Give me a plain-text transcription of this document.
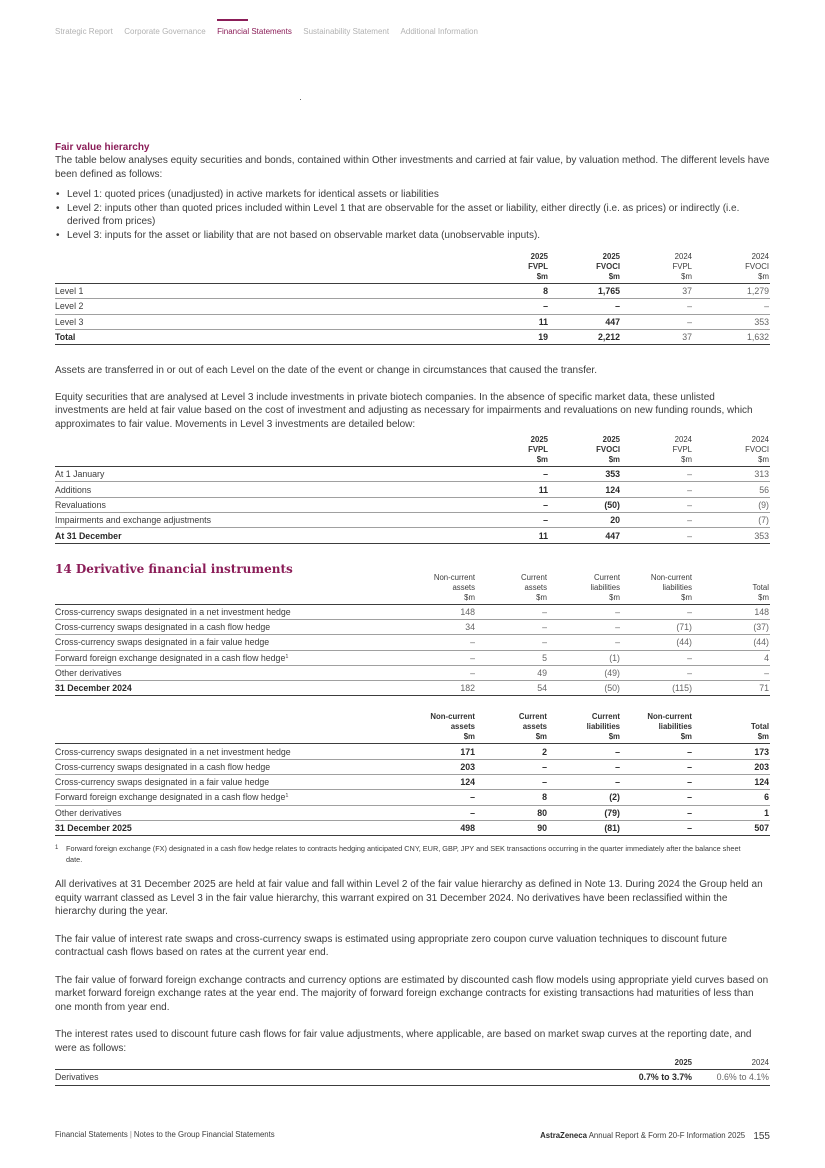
Strategic Report Corporate Governance Financial Statements Sustainability Statement Additional Information
Fair value hierarchy

The table below analyses equity securities and bonds, contained within Other investments and carried at fair value, by valuation method. The different levels have been defined as follows:

• Level 1: quoted prices (unadjusted) in active markets for identical assets or liabilities
• Level 2: inputs other than quoted prices included within Level 1 that are observable for the asset or liability, either directly (i.e. as prices) or indirectly (i.e. derived from prices)
• Level 3: inputs for the asset or liability that are not based on observable market data (unobservable inputs).
	2025
FVPL
$m	2025
FVOCI
$m	2024
FVPL
$m	2024
FVOCI
$m
Level 1	8	1,765	37	1,279
Level 2	–	–	–	–
Level 3	11	447	–	353
Total	19	2,212	37	1,632

Assets are transferred in or out of each Level on the date of the event or change in circumstances that caused the transfer.

Equity securities that are analysed at Level 3 include investments in private biotech companies. In the absence of specific market data, these unlisted investments are held at fair value based on the cost of investment and adjusting as necessary for impairments and revaluations on new funding rounds, which approximates to fair value. Movements in Level 3 investments are detailed below:

	2025
FVPL
$m	2025
FVOCI
$m	2024
FVPL
$m	2024
FVOCI
$m
At 1 January	–	353	–	313
Additions	11	124	–	56
Revaluations	–	(50)	–	(9)
Impairments and exchange adjustments	–	20	–	(7)
At 31 December	11	447	–	353
14 Derivative financial instruments
	Non-current
assets
$m	Current
assets
$m	Current
liabilities
$m	Non-current
liabilities
$m	Total
$m
Cross-currency swaps designated in a net investment hedge	148	–	–	–	148
Cross-currency swaps designated in a cash flow hedge	34	–	–	(71)	(37)
Cross-currency swaps designated in a fair value hedge	–	–	–	(44)	(44)
Forward foreign exchange designated in a cash flow hedge$^1$	–	5	(1)	–	4
Other derivatives	–	49	(49)	–	–
31 December 2024	182	54	(50)	(115)	71
	Non-current
assets
$m	Current
assets
$m	Current
liabilities
$m	Non-current
liabilities
$m	Total
$m
Cross-currency swaps designated in a net investment hedge	171	2	–	–	173
Cross-currency swaps designated in a cash flow hedge	203	–	–	–	203
Cross-currency swaps designated in a fair value hedge	124	–	–	–	124
Forward foreign exchange designated in a cash flow hedge$^1$	–	8	(2)	–	6
Other derivatives	–	80	(79)	–	1
31 December 2025	498	90	(81)	–	507
1	Forward foreign exchange (FX) designated in a cash flow hedge relates to contracts hedging anticipated CNY, EUR, GBP, JPY and SEK transactions occurring in the quarter immediately after the balance sheet date.

All derivatives at 31 December 2025 are held at fair value and fall within Level 2 of the fair value hierarchy as defined in Note 13. During 2024 the Group held an equity warrant classed as Level 3 in the fair value hierarchy, this warrant expired on 31 December 2024. No derivatives have been reclassified within the hierarchy during the year.

The fair value of interest rate swaps and cross-currency swaps is estimated using appropriate zero coupon curve valuation techniques to discount future contractual cash flows based on rates at the current year end.

The fair value of forward foreign exchange contracts and currency options are estimated by discounted cash flow models using appropriate yield curves based on market forward foreign exchange rates at the year end. The majority of forward foreign exchange contracts for existing transactions had maturities of less than one month from year end.

The interest rates used to discount future cash flows for fair value adjustments, where applicable, are based on market swap curves at the reporting date, and were as follows:

	2025	2024
Derivatives	0.7% to 3.7%	0.6% to 4.1%
Financial Statements | Notes to the Group Financial Statements	AstraZeneca Annual Report & Form 20-F Information 2025 155
